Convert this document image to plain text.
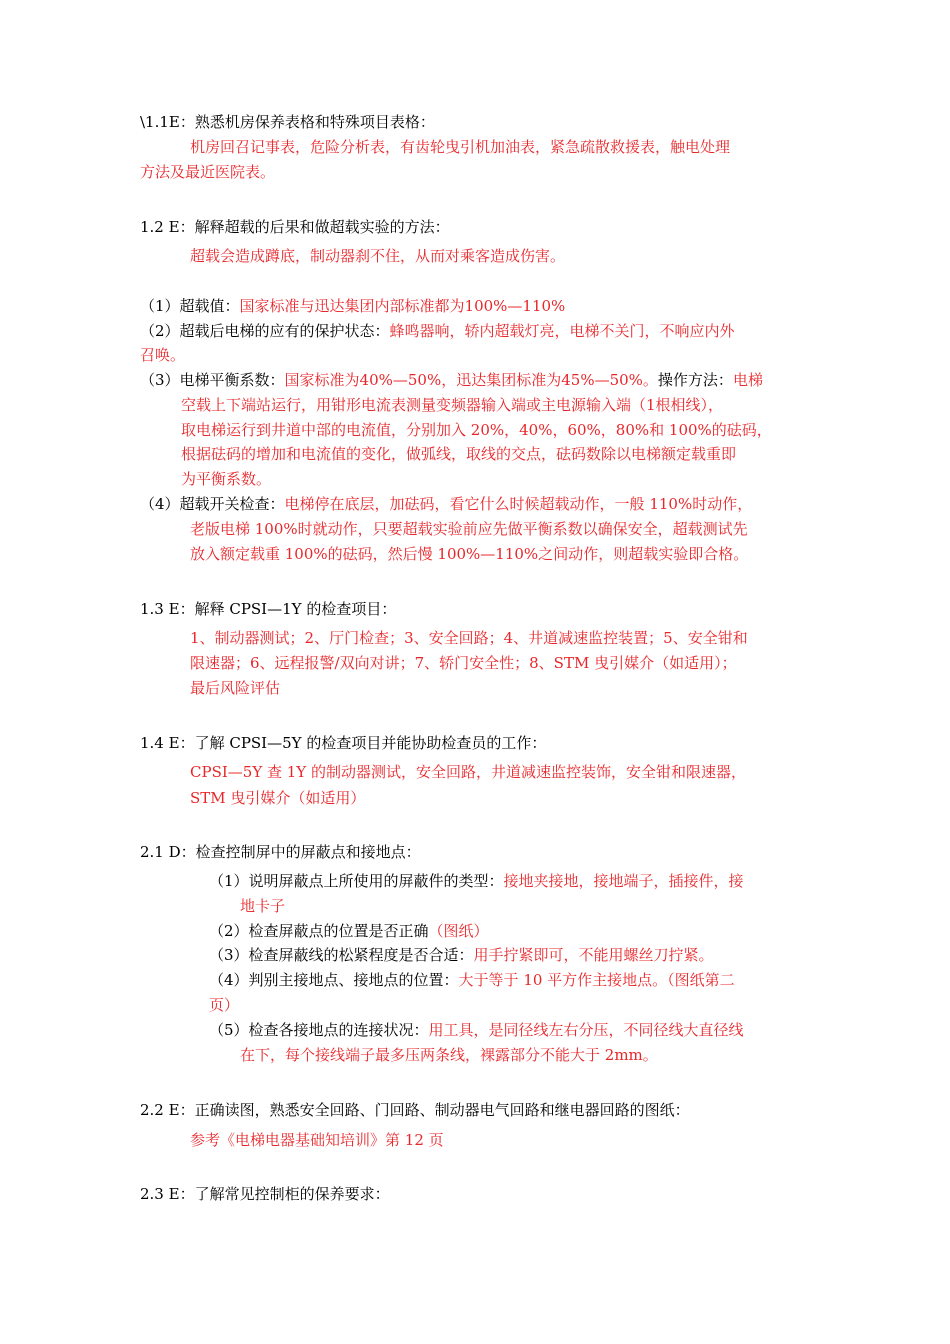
\1.1E：熟悉机房保养表格和特殊项目表格：
机房回召记事表，危险分析表，有齿轮曳引机加油表，紧急疏散救援表，触电处理
方法及最近医院表。
1.2 E：解释超载的后果和做超载实验的方法：
超载会造成蹲底，制动器刹不住，从而对乘客造成伤害。
（1）超载值：国家标准与迅达集团内部标准都为100%—110%
（2）超载后电梯的应有的保护状态：蜂鸣器响，轿内超载灯亮，电梯不关门，不响应内外
召唤。
（3）电梯平衡系数：国家标准为40%—50%，迅达集团标准为45%—50%。操作方法：电梯
空载上下端站运行，用钳形电流表测量变频器输入端或主电源输入端（1根相线），
取电梯运行到井道中部的电流值，分别加入 20%，40%，60%，80%和 100%的砝码，
根据砝码的增加和电流值的变化，做弧线，取线的交点，砝码数除以电梯额定载重即
为平衡系数。
（4）超载开关检查：电梯停在底层，加砝码，看它什么时候超载动作，一般 110%时动作，
老版电梯 100%时就动作，只要超载实验前应先做平衡系数以确保安全，超载测试先
放入额定载重 100%的砝码，然后慢 100%—110%之间动作，则超载实验即合格。
1.3 E：解释 CPSI—1Y 的检查项目：
1、制动器测试；2、厅门检查；3、安全回路；4、井道减速监控装置；5、安全钳和
限速器；6、远程报警/双向对讲；7、轿门安全性；8、STM 曳引媒介（如适用）；
最后风险评估
1.4 E：了解 CPSI—5Y 的检查项目并能协助检查员的工作：
CPSI—5Y 查 1Y 的制动器测试，安全回路，井道减速监控装饰，安全钳和限速器，
STM 曳引媒介（如适用）
2.1 D：检查控制屏中的屏蔽点和接地点：
（1）说明屏蔽点上所使用的屏蔽件的类型：接地夹接地，接地端子，插接件，接
地卡子
（2）检查屏蔽点的位置是否正确（图纸）
（3）检查屏蔽线的松紧程度是否合适：用手拧紧即可，不能用螺丝刀拧紧。
（4）判别主接地点、接地点的位置：大于等于 10 平方作主接地点。（图纸第二
页）
（5）检查各接地点的连接状况：用工具，是同径线左右分压，不同径线大直径线
在下，每个接线端子最多压两条线，裸露部分不能大于 2mm。
2.2 E：正确读图，熟悉安全回路、门回路、制动器电气回路和继电器回路的图纸：
参考《电梯电器基础知培训》第 12 页
2.3 E：了解常见控制柜的保养要求：
